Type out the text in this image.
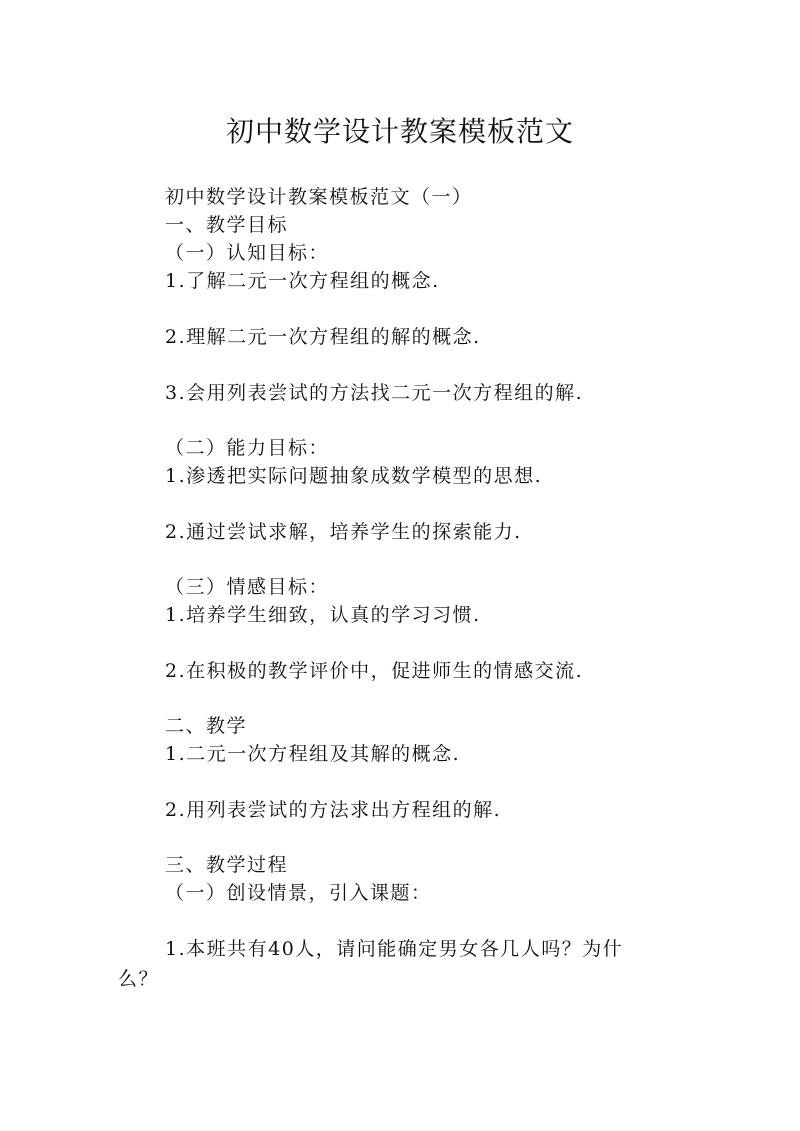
初中数学设计教案模板范文

初中数学设计教案模板范文（一）

一、教学目标

（一）认知目标：

1.了解二元一次方程组的概念.

2.理解二元一次方程组的解的概念.

3.会用列表尝试的方法找二元一次方程组的解.

（二）能力目标：

1.渗透把实际问题抽象成数学模型的思想.

2.通过尝试求解，培养学生的探索能力.

（三）情感目标：

1.培养学生细致，认真的学习习惯.

2.在积极的教学评价中，促进师生的情感交流.

二、教学

1.二元一次方程组及其解的概念.

2.用列表尝试的方法求出方程组的解.

三、教学过程

（一）创设情景，引入课题：

1.本班共有40人，请问能确定男女各几人吗？为什么？
